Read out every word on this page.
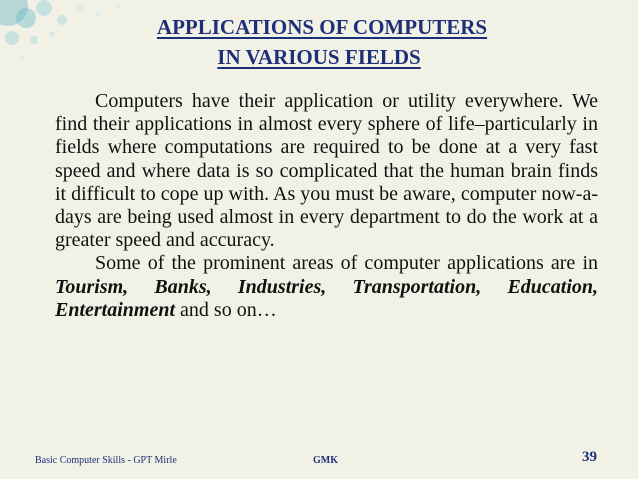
APPLICATIONS OF COMPUTERS
IN VARIOUS FIELDS

Computers have their application or utility everywhere. We find their applications in almost every sphere of life–particularly in fields where computations are required to be done at a very fast speed and where data is so complicated that the human brain finds it difficult to cope up with. As you must be aware, computer now-a-days are being used almost in every department to do the work at a greater speed and accuracy.

Some of the prominent areas of computer applications are in Tourism, Banks, Industries, Transportation, Education, Entertainment and so on…

Basic Computer Skills - GPT Mirle	GMK	39
